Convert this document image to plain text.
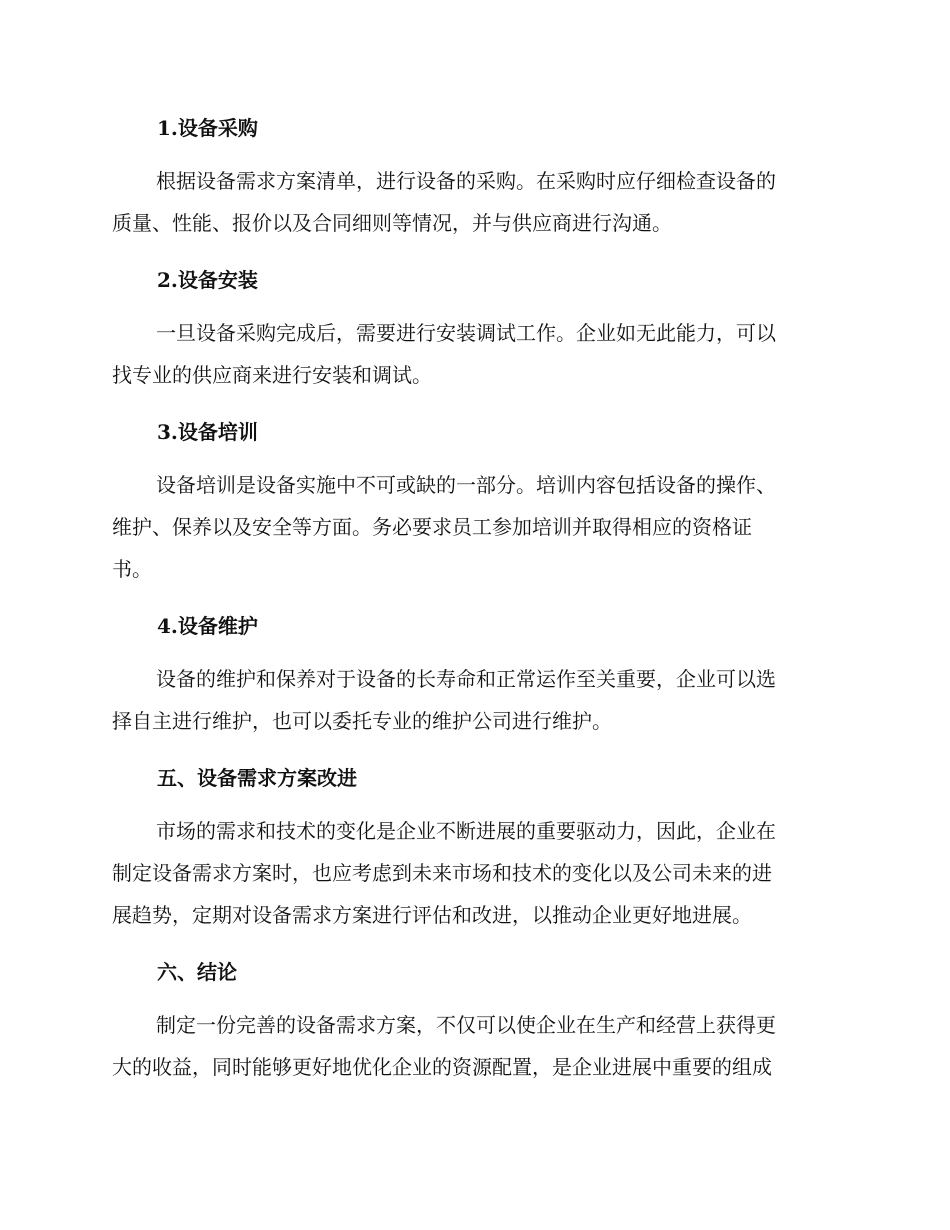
1.设备采购

根据设备需求方案清单，进行设备的采购。在采购时应仔细检查设备的
质量、性能、报价以及合同细则等情况，并与供应商进行沟通。

2.设备安装

一旦设备采购完成后，需要进行安装调试工作。企业如无此能力，可以
找专业的供应商来进行安装和调试。

3.设备培训

设备培训是设备实施中不可或缺的一部分。培训内容包括设备的操作、
维护、保养以及安全等方面。务必要求员工参加培训并取得相应的资格证
书。

4.设备维护

设备的维护和保养对于设备的长寿命和正常运作至关重要，企业可以选
择自主进行维护，也可以委托专业的维护公司进行维护。

五、设备需求方案改进

市场的需求和技术的变化是企业不断进展的重要驱动力，因此，企业在
制定设备需求方案时，也应考虑到未来市场和技术的变化以及公司未来的进
展趋势，定期对设备需求方案进行评估和改进，以推动企业更好地进展。

六、结论

制定一份完善的设备需求方案，不仅可以使企业在生产和经营上获得更
大的收益，同时能够更好地优化企业的资源配置，是企业进展中重要的组成
